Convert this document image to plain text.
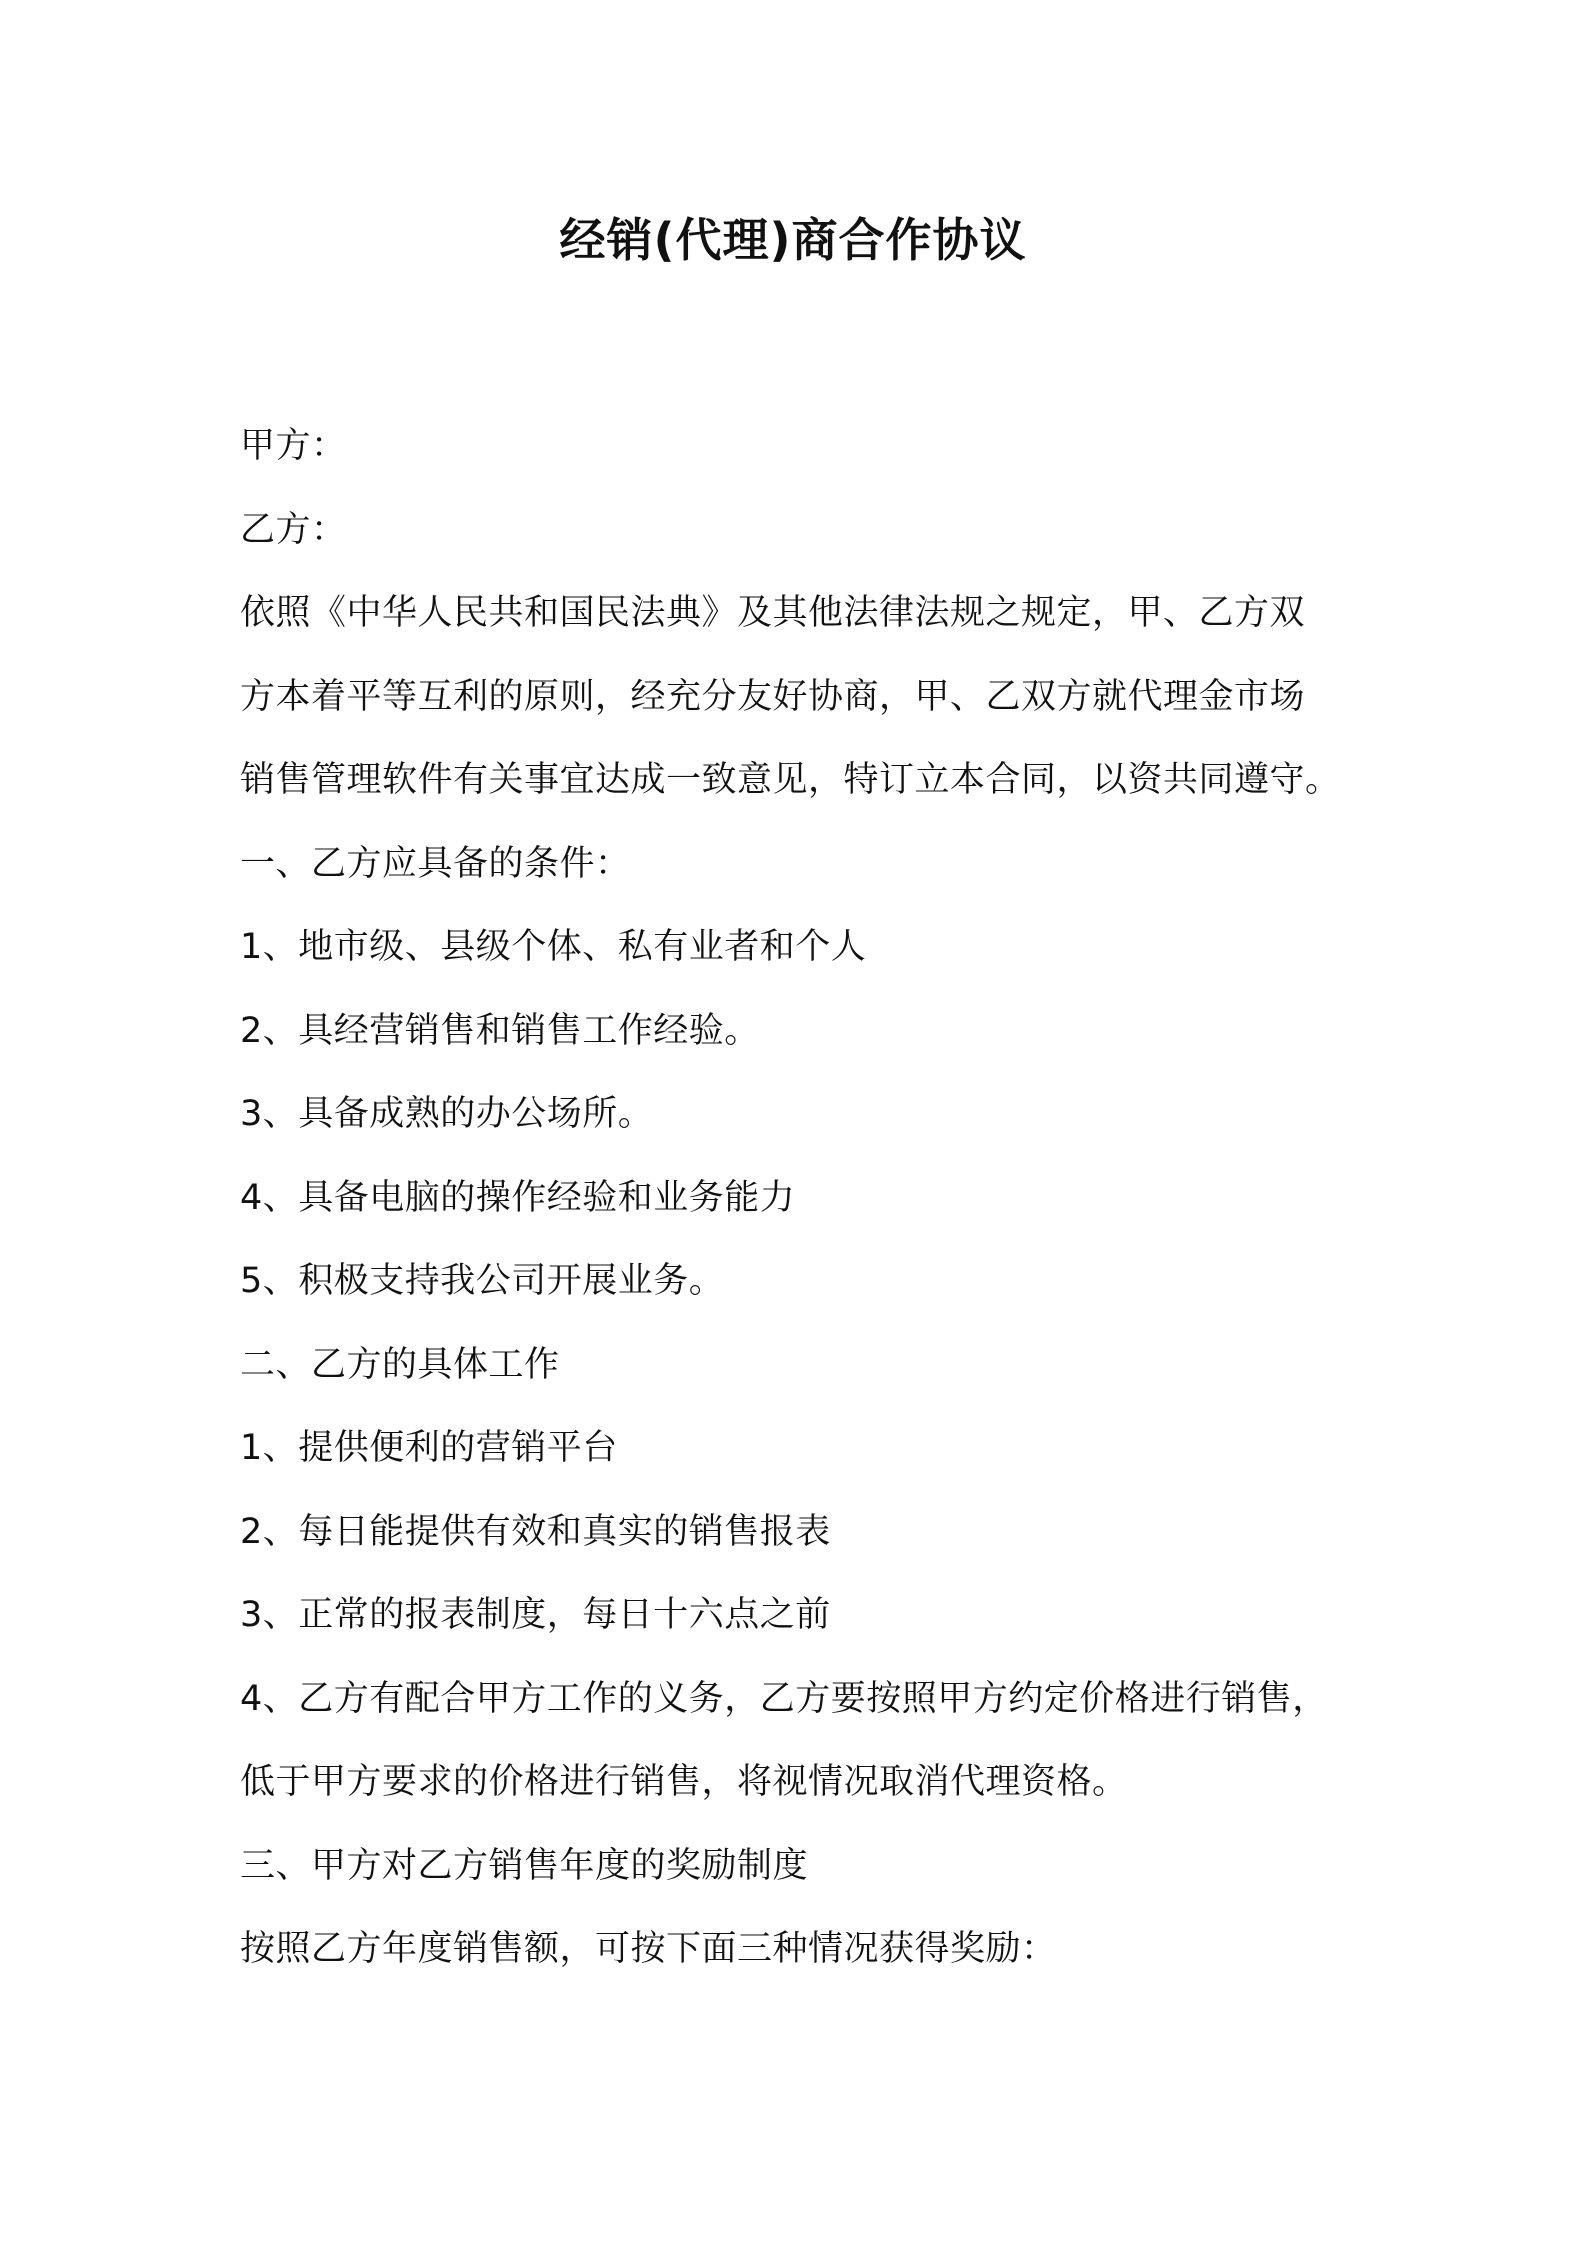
经销(代理)商合作协议
甲方：
乙方：
依照《中华人民共和国民法典》及其他法律法规之规定，甲、乙方双
方本着平等互利的原则，经充分友好协商，甲、乙双方就代理金市场
销售管理软件有关事宜达成一致意见，特订立本合同，以资共同遵守。
一、乙方应具备的条件：
1、地市级、县级个体、私有业者和个人
2、具经营销售和销售工作经验。
3、具备成熟的办公场所。
4、具备电脑的操作经验和业务能力
5、积极支持我公司开展业务。
二、乙方的具体工作
1、提供便利的营销平台
2、每日能提供有效和真实的销售报表
3、正常的报表制度，每日十六点之前
4、乙方有配合甲方工作的义务，乙方要按照甲方约定价格进行销售，
低于甲方要求的价格进行销售，将视情况取消代理资格。
三、甲方对乙方销售年度的奖励制度
按照乙方年度销售额，可按下面三种情况获得奖励：
